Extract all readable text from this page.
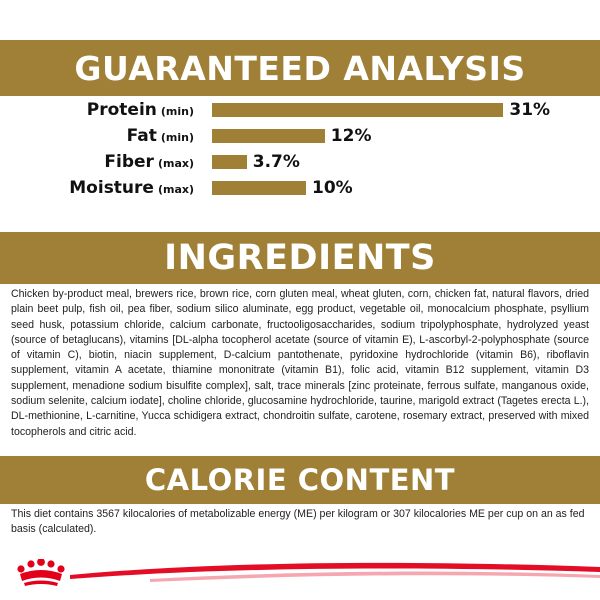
GUARANTEED ANALYSIS
Protein (min)	31%
Fat (min)	12%
Fiber (max)	3.7%
Moisture (max)	10%
INGREDIENTS
Chicken by-product meal, brewers rice, brown rice, corn gluten meal, wheat gluten, corn, chicken fat, natural flavors, dried plain beet pulp, fish oil, pea fiber, sodium silico aluminate, egg product, vegetable oil, monocalcium phosphate, psyllium seed husk, potassium chloride, calcium carbonate, fructooligosaccharides, sodium tripolyphosphate, hydrolyzed yeast (source of betaglucans), vitamins [DL-alpha tocopherol acetate (source of vitamin E), L-ascorbyl-2-polyphosphate (source of vitamin C), biotin, niacin supplement, D-calcium pantothenate, pyridoxine hydrochloride (vitamin B6), riboflavin supplement, vitamin A acetate, thiamine mononitrate (vitamin B1), folic acid, vitamin B12 supplement, vitamin D3 supplement, menadione sodium bisulfite complex], salt, trace minerals [zinc proteinate, ferrous sulfate, manganous oxide, sodium selenite, calcium iodate], choline chloride, glucosamine hydrochloride, taurine, marigold extract (Tagetes erecta L.), DL-methionine, L-carnitine, Yucca schidigera extract, chondroitin sulfate, carotene, rosemary extract, preserved with mixed tocopherols and citric acid.
CALORIE CONTENT
This diet contains 3567 kilocalories of metabolizable energy (ME) per kilogram or 307 kilocalories ME per cup on an as fed basis (calculated).
